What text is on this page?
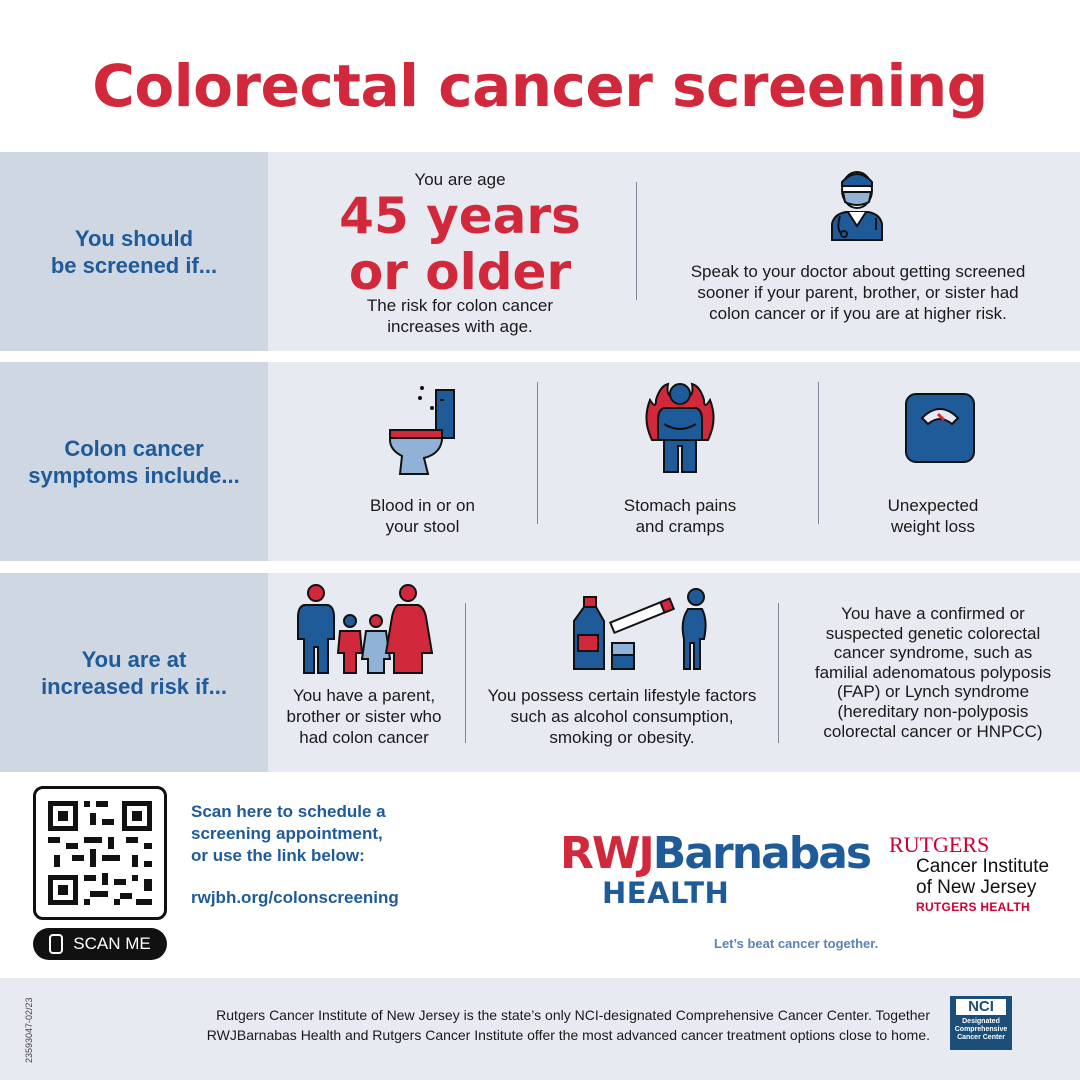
Colorectal cancer screening
You should
be screened if...
You are age
45 years
or older
The risk for colon cancer
increases with age.
Speak to your doctor about getting screened
sooner if your parent, brother, or sister had
colon cancer or if you are at higher risk.
Colon cancer
symptoms include...
Blood in or on
your stool
Stomach pains
and cramps
Unexpected
weight loss
You are at
increased risk if...	You have a parent,
brother or sister who
had colon cancer
You possess certain lifestyle factors
such as alcohol consumption,
smoking or obesity.
You have a confirmed or
suspected genetic colorectal
cancer syndrome, such as
familial adenomatous polyposis
(FAP) or Lynch syndrome
(hereditary non-polyposis
colorectal cancer or HNPCC)
SCAN ME
Scan here to schedule a
screening appointment,
or use the link below:
rwjbh.org/colonscreening
RWJBarnabas
HEALTH
Let’s beat cancer together.
RUTGERS
Cancer Institute
of New Jersey
RUTGERS HEALTH
23593047-02/23	Rutgers Cancer Institute of New Jersey is the state’s only NCI-designated Comprehensive Cancer Center. Together
RWJBarnabas Health and Rutgers Cancer Institute offer the most advanced cancer treatment options close to home.
NCI
Designated
Comprehensive
Cancer Center
